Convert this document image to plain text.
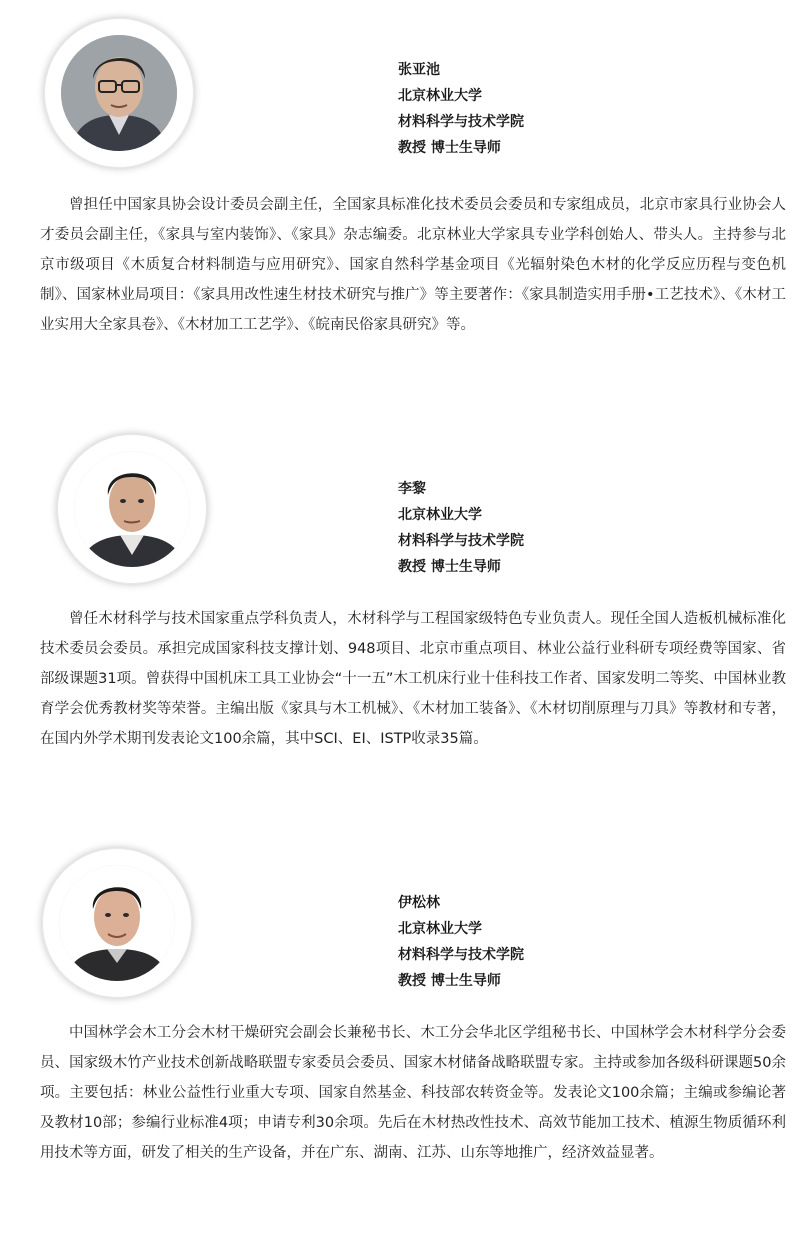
张亚池
北京林业大学
材料科学与技术学院
教授 博士生导师

曾担任中国家具协会设计委员会副主任，全国家具标准化技术委员会委员和专家组成员，北京市家具行业协会人才委员会副主任，《家具与室内装饰》、《家具》杂志编委。北京林业大学家具专业学科创始人、带头人。主持参与北京市级项目《木质复合材料制造与应用研究》、国家自然科学基金项目《光辐射染色木材的化学反应历程与变色机制》、国家林业局项目：《家具用改性速生材技术研究与推广》等主要著作：《家具制造实用手册•工艺技术》、《木材工业实用大全家具卷》、《木材加工工艺学》、《皖南民俗家具研究》等。

李黎
北京林业大学
材料科学与技术学院
教授 博士生导师

曾任木材科学与技术国家重点学科负责人，木材科学与工程国家级特色专业负责人。现任全国人造板机械标准化技术委员会委员。承担完成国家科技支撑计划、948项目、北京市重点项目、林业公益行业科研专项经费等国家、省部级课题31项。曾获得中国机床工具工业协会“十一五”木工机床行业十佳科技工作者、国家发明二等奖、中国林业教育学会优秀教材奖等荣誉。主编出版《家具与木工机械》、《木材加工装备》、《木材切削原理与刀具》等教材和专著，在国内外学术期刊发表论文100余篇，其中SCI、EI、ISTP收录35篇。

伊松林
北京林业大学
材料科学与技术学院
教授 博士生导师

中国林学会木工分会木材干燥研究会副会长兼秘书长、木工分会华北区学组秘书长、中国林学会木材科学分会委员、国家级木竹产业技术创新战略联盟专家委员会委员、国家木材储备战略联盟专家。主持或参加各级科研课题50余项。主要包括：林业公益性行业重大专项、国家自然基金、科技部农转资金等。发表论文100余篇；主编或参编论著及教材10部；参编行业标准4项；申请专利30余项。先后在木材热改性技术、高效节能加工技术、植源生物质循环利用技术等方面，研发了相关的生产设备，并在广东、湖南、江苏、山东等地推广，经济效益显著。
